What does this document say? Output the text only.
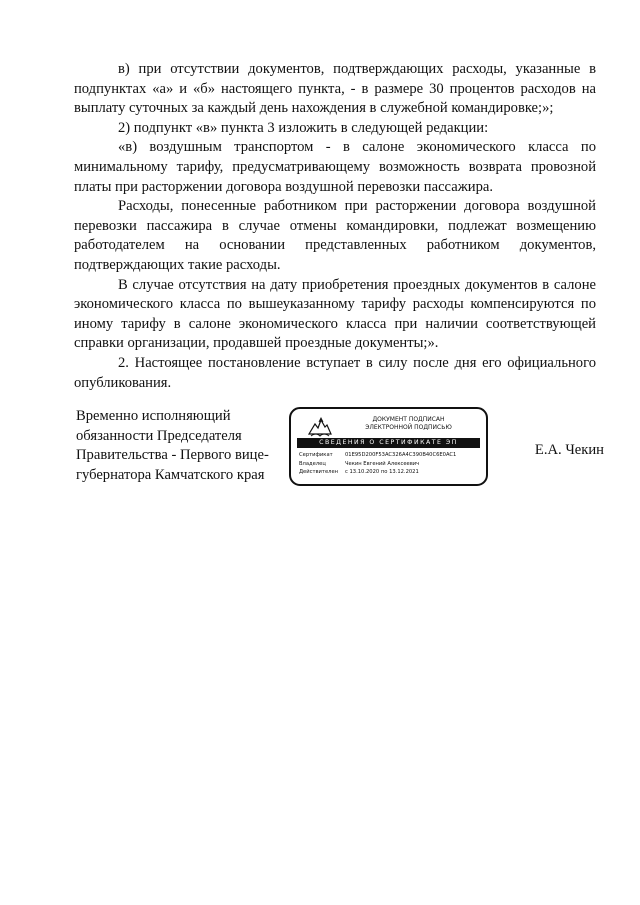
в) при отсутствии документов, подтверждающих расходы, указанные в подпунктах «а» и «б» настоящего пункта, - в размере 30 процентов расходов на выплату суточных за каждый день нахождения в служебной командировке;»;

2) подпункт «в» пункта 3 изложить в следующей редакции:

«в) воздушным транспортом - в салоне экономического класса по минимальному тарифу, предусматривающему возможность возврата провозной платы при расторжении договора воздушной перевозки пассажира.

Расходы, понесенные работником при расторжении договора воздушной перевозки пассажира в случае отмены командировки, подлежат возмещению работодателем на основании представленных работником документов, подтверждающих такие расходы.

В случае отсутствия на дату приобретения проездных документов в салоне экономического класса по вышеуказанному тарифу расходы компенсируются по иному тарифу в салоне экономического класса при наличии соответствующей справки организации, продавшей проездные документы;».

2. Настоящее постановление вступает в силу после дня его официального опубликования.

Временно исполняющий
обязанности Председателя
Правительства - Первого вице-
губернатора Камчатского края
ДОКУМЕНТ ПОДПИСАН
ЭЛЕКТРОННОЙ ПОДПИСЬЮ
СВЕДЕНИЯ О СЕРТИФИКАТЕ ЭП
Сертификат	01E95D200F53AC326A4C390B40C6E0AC1
Владелец	Чекин Евгений Алексеевич
Действителен	с 13.10.2020 по 13.12.2021
Е.А. Чекин
